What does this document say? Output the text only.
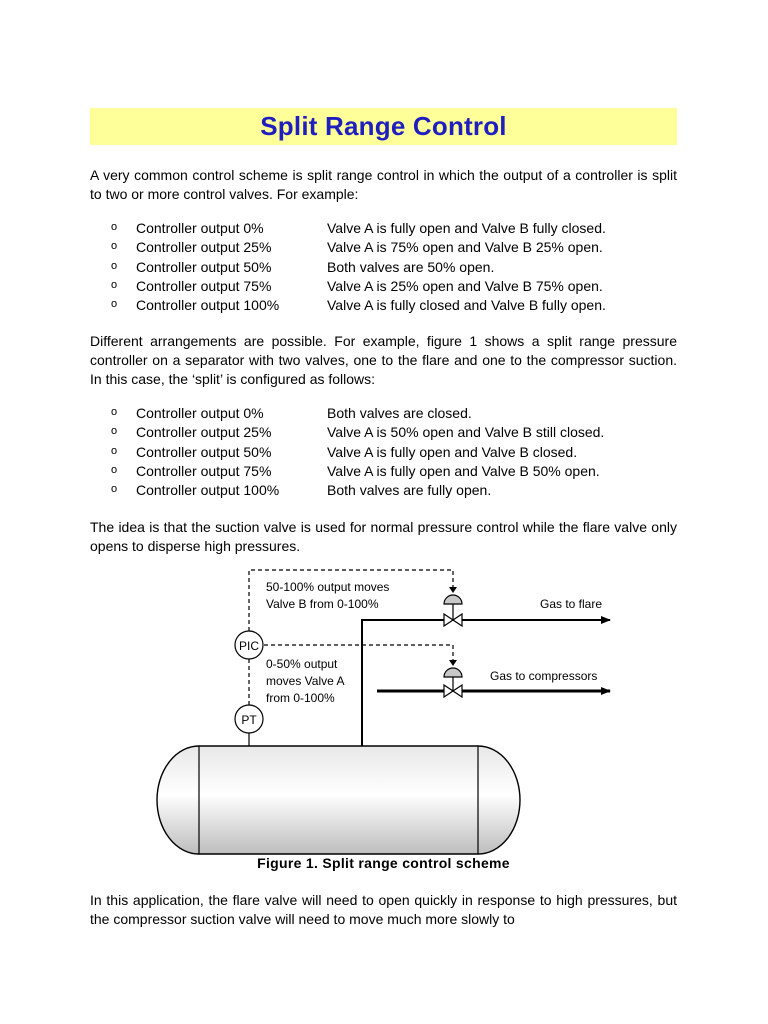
Split Range Control

A very common control scheme is split range control in which the output of a controller is split to two or more control valves. For example:

o Controller output 0%	Valve A is fully open and Valve B fully closed.
o Controller output 25%	Valve A is 75% open and Valve B 25% open.
o Controller output 50%	Both valves are 50% open.
o Controller output 75%	Valve A is 25% open and Valve B 75% open.
o Controller output 100%	Valve A is fully closed and Valve B fully open.

Different arrangements are possible. For example, figure 1 shows a split range pressure controller on a separator with two valves, one to the flare and one to the compressor suction. In this case, the ‘split’ is configured as follows:

o Controller output 0%	Both valves are closed.
o Controller output 25%	Valve A is 50% open and Valve B still closed.
o Controller output 50%	Valve A is fully open and Valve B closed.
o Controller output 75%	Valve A is fully open and Valve B 50% open.
o Controller output 100%	Both valves are fully open.

The idea is that the suction valve is used for normal pressure control while the flare valve only opens to disperse high pressures.

PIC
PT
50-100% output moves
Valve B from 0-100%
0-50% output
moves Valve A
from 0-100%
Gas to flare
Gas to compressors
Figure 1. Split range control scheme

In this application, the flare valve will need to open quickly in response to high pressures, but the compressor suction valve will need to move much more slowly to
